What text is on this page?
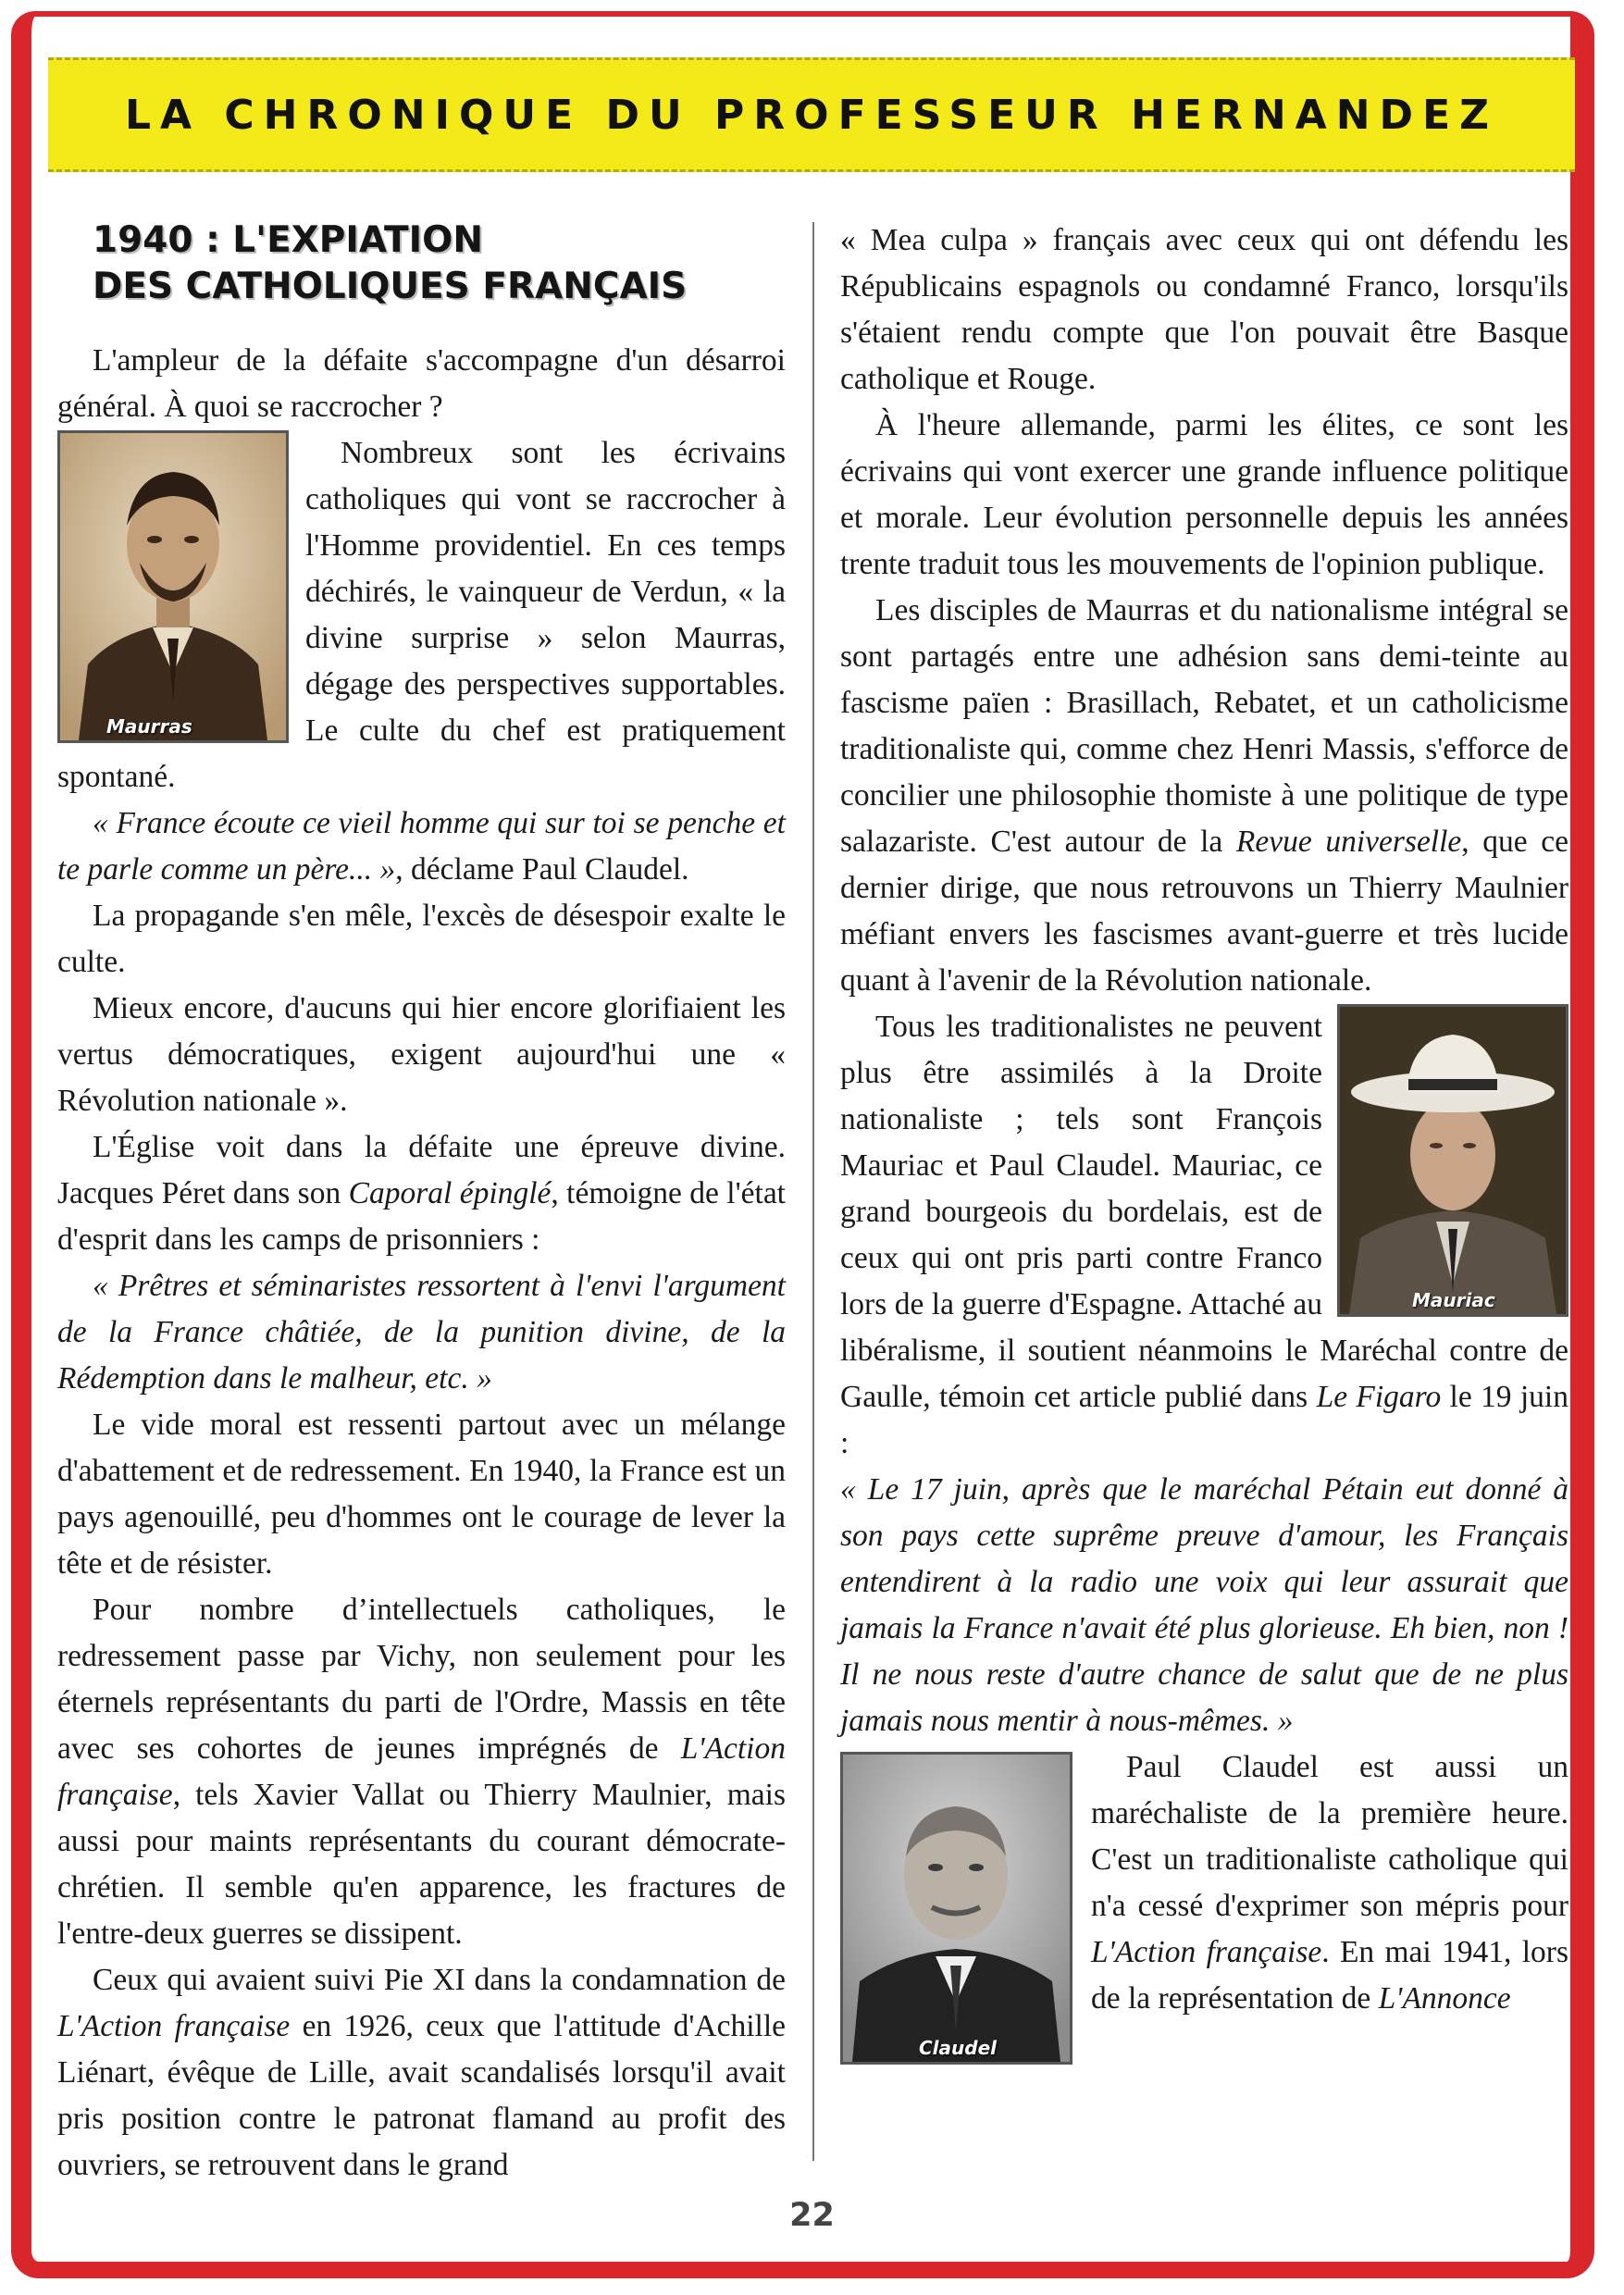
LA CHRONIQUE DU PROFESSEUR HERNANDEZ
1940 : L'EXPIATION
DES CATHOLIQUES FRANÇAIS

L'ampleur de la défaite s'accompagne d'un désarroi général. À quoi se raccrocher ?

Maurras
Nombreux sont les écrivains catholiques qui vont se raccrocher à l'Homme providentiel. En ces temps déchirés, le vainqueur de Verdun, « la divine surprise » selon Maurras, dégage des perspectives supportables. Le culte du chef est pratiquement spontané.

« France écoute ce vieil homme qui sur toi se penche et te parle comme un père... », déclame Paul Claudel.

La propagande s'en mêle, l'excès de désespoir exalte le culte.

Mieux encore, d'aucuns qui hier encore glorifiaient les vertus démocratiques, exigent aujourd'hui une « Révolution nationale ».

L'Église voit dans la défaite une épreuve divine. Jacques Péret dans son Caporal épinglé, témoigne de l'état d'esprit dans les camps de prisonniers :

« Prêtres et séminaristes ressortent à l'envi l'argument de la France châtiée, de la punition divine, de la Rédemption dans le malheur, etc. »

Le vide moral est ressenti partout avec un mélange d'abattement et de redressement. En 1940, la France est un pays agenouillé, peu d'hommes ont le courage de lever la tête et de résister.

Pour nombre d’intellectuels catholiques, le redressement passe par Vichy, non seulement pour les éternels représentants du parti de l'Ordre, Massis en tête avec ses cohortes de jeunes imprégnés de L'Action française, tels Xavier Vallat ou Thierry Maulnier, mais aussi pour maints représentants du courant démocrate-chrétien. Il semble qu'en apparence, les fractures de l'entre-deux guerres se dissipent.

Ceux qui avaient suivi Pie XI dans la condamnation de L'Action française en 1926, ceux que l'attitude d'Achille Liénart, évêque de Lille, avait scandalisés lorsqu'il avait pris position contre le patronat flamand au profit des ouvriers, se retrouvent dans le grand

« Mea culpa » français avec ceux qui ont défendu les Républicains espagnols ou condamné Franco, lorsqu'ils s'étaient rendu compte que l'on pouvait être Basque catholique et Rouge.

À l'heure allemande, parmi les élites, ce sont les écrivains qui vont exercer une grande influence politique et morale. Leur évolution personnelle depuis les années trente traduit tous les mouvements de l'opinion publique.

Les disciples de Maurras et du nationalisme intégral se sont partagés entre une adhésion sans demi-teinte au fascisme païen : Brasillach, Rebatet, et un catholicisme traditionaliste qui, comme chez Henri Massis, s'efforce de concilier une philosophie thomiste à une politique de type salazariste. C'est autour de la Revue universelle, que ce dernier dirige, que nous retrouvons un Thierry Maulnier méfiant envers les fascismes avant-guerre et très lucide quant à l'avenir de la Révolution nationale.

Mauriac
Tous les traditionalistes ne peuvent plus être assimilés à la Droite nationaliste ; tels sont François Mauriac et Paul Claudel. Mauriac, ce grand bourgeois du bordelais, est de ceux qui ont pris parti contre Franco lors de la guerre d'Espagne. Attaché au libéralisme, il soutient néanmoins le Maréchal contre de Gaulle, témoin cet article publié dans Le Figaro le 19 juin :

« Le 17 juin, après que le maréchal Pétain eut donné à son pays cette suprême preuve d'amour, les Français entendirent à la radio une voix qui leur assurait que jamais la France n'avait été plus glorieuse. Eh bien, non ! Il ne nous reste d'autre chance de salut que de ne plus jamais nous mentir à nous-mêmes. »

Claudel
Paul Claudel est aussi un maréchaliste de la première heure. C'est un traditionaliste catholique qui n'a cessé d'exprimer son mépris pour L'Action française. En mai 1941, lors de la représentation de L'Annonce

22
